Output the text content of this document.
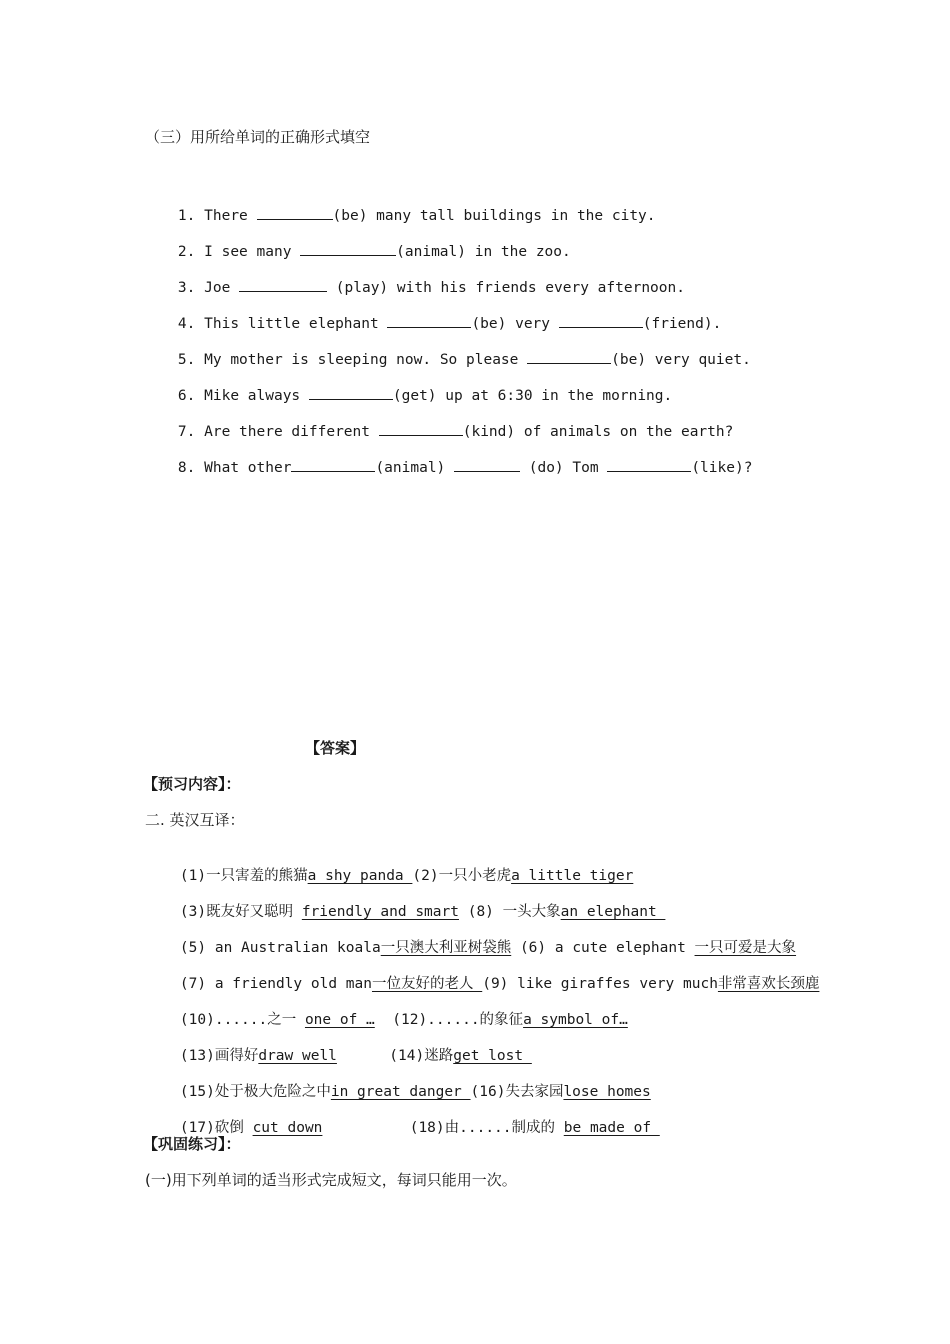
（三）用所给单词的正确形式填空

1. There	(be) many tall buildings in the city.

2. I see many	(animal) in the zoo.

3. Joe	(play) with his friends every afternoon.

4. This little elephant	(be) very	(friend).

5. My mother is sleeping now. So please	(be) very quiet.

6. Mike always	(get) up at 6:30 in the morning.

7. Are there different	(kind) of animals on the earth?

8. What other	(animal)	(do) Tom	(like)?

【答案】
【预习内容】：
二. 英汉互译：

(1)一只害羞的熊猫a shy panda (2)一只小老虎a little tiger

(3)既友好又聪明 friendly and smart (8) 一头大象an elephant

(5) an Australian koala一只澳大利亚树袋熊 (6) a cute elephant 一只可爱是大象

(7) a friendly old man一位友好的老人 (9) like giraffes very much非常喜欢长颈鹿

(10)......之一 one of …  (12)......的象征a symbol of…

(13)画得好draw well      (14)迷路get lost

(15)处于极大危险之中in great danger (16)失去家园lose homes

(17)砍倒 cut down          (18)由......制成的 be made of

【巩固练习】：
(一)用下列单词的适当形式完成短文，每词只能用一次。
